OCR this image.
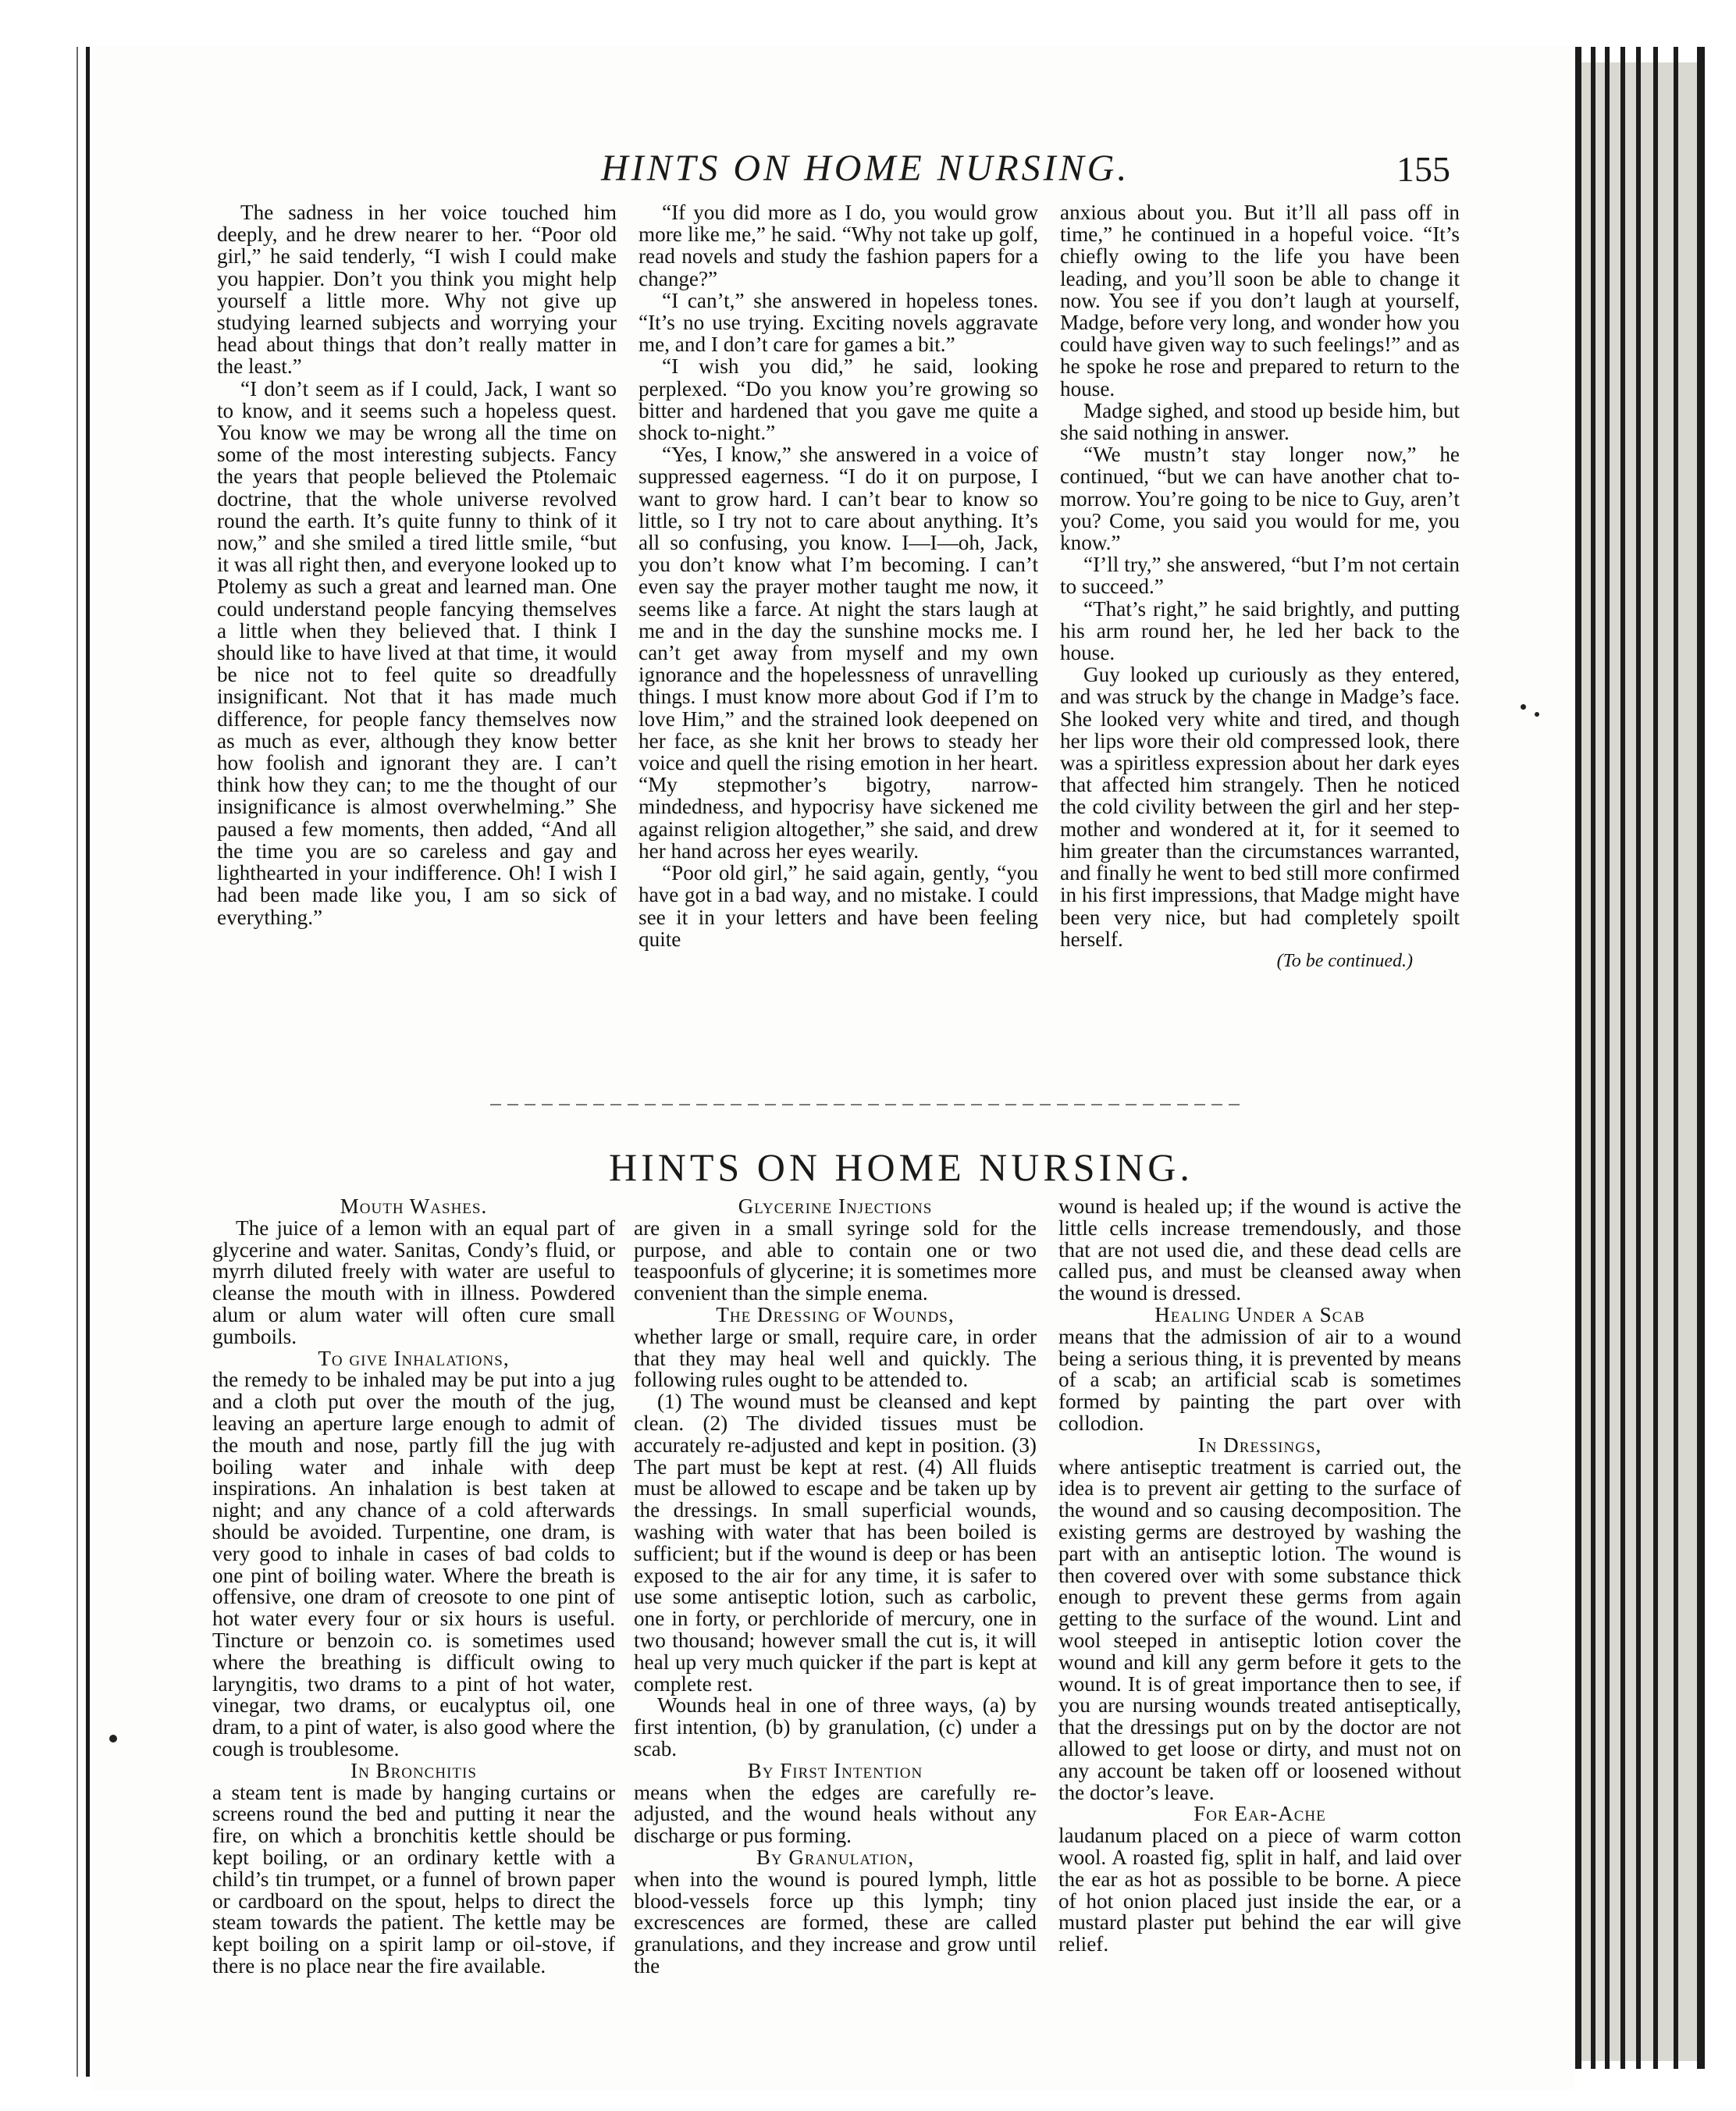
HINTS ON HOME NURSING.	155

The sadness in her voice touched him deeply, and he drew nearer to her. “Poor old girl,” he said tenderly, “I wish I could make you happier. Don’t you think you might help yourself a little more. Why not give up studying learned subjects and worrying your head about things that don’t really matter in the least.”

“I don’t seem as if I could, Jack, I want so to know, and it seems such a hopeless quest. You know we may be wrong all the time on some of the most interesting subjects. Fancy the years that people believed the Ptolemaic doctrine, that the whole universe revolved round the earth. It’s quite funny to think of it now,” and she smiled a tired little smile, “but it was all right then, and everyone looked up to Ptolemy as such a great and learned man. One could understand people fancying themselves a little when they believed that. I think I should like to have lived at that time, it would be nice not to feel quite so dreadfully insignificant. Not that it has made much difference, for people fancy themselves now as much as ever, although they know better how foolish and ignorant they are. I can’t think how they can; to me the thought of our insignificance is almost overwhelming.” She paused a few moments, then added, “And all the time you are so careless and gay and lighthearted in your indifference. Oh! I wish I had been made like you, I am so sick of everything.”

“If you did more as I do, you would grow more like me,” he said. “Why not take up golf, read novels and study the fashion papers for a change?”

“I can’t,” she answered in hopeless tones. “It’s no use trying. Exciting novels aggravate me, and I don’t care for games a bit.”

“I wish you did,” he said, looking perplexed. “Do you know you’re growing so bitter and hardened that you gave me quite a shock to-night.”

“Yes, I know,” she answered in a voice of suppressed eagerness. “I do it on purpose, I want to grow hard. I can’t bear to know so little, so I try not to care about anything. It’s all so confusing, you know. I—I—oh, Jack, you don’t know what I’m becoming. I can’t even say the prayer mother taught me now, it seems like a farce. At night the stars laugh at me and in the day the sunshine mocks me. I can’t get away from myself and my own ignorance and the hopelessness of unravelling things. I must know more about God if I’m to love Him,” and the strained look deepened on her face, as she knit her brows to steady her voice and quell the rising emotion in her heart. “My stepmother’s bigotry, narrow-mindedness, and hypocrisy have sickened me against religion altogether,” she said, and drew her hand across her eyes wearily.

“Poor old girl,” he said again, gently, “you have got in a bad way, and no mistake. I could see it in your letters and have been feeling quite

anxious about you. But it’ll all pass off in time,” he continued in a hopeful voice. “It’s chiefly owing to the life you have been leading, and you’ll soon be able to change it now. You see if you don’t laugh at yourself, Madge, before very long, and wonder how you could have given way to such feelings!” and as he spoke he rose and prepared to return to the house.

Madge sighed, and stood up beside him, but she said nothing in answer.

“We mustn’t stay longer now,” he continued, “but we can have another chat to-morrow. You’re going to be nice to Guy, aren’t you? Come, you said you would for me, you know.”

“I’ll try,” she answered, “but I’m not certain to succeed.”

“That’s right,” he said brightly, and putting his arm round her, he led her back to the house.

Guy looked up curiously as they entered, and was struck by the change in Madge’s face. She looked very white and tired, and though her lips wore their old compressed look, there was a spiritless expression about her dark eyes that affected him strangely. Then he noticed the cold civility between the girl and her step-mother and wondered at it, for it seemed to him greater than the circumstances warranted, and finally he went to bed still more confirmed in his first impressions, that Madge might have been very nice, but had completely spoilt herself.

(To be continued.)

HINTS ON HOME NURSING.

Mouth Washes.

The juice of a lemon with an equal part of glycerine and water. Sanitas, Condy’s fluid, or myrrh diluted freely with water are useful to cleanse the mouth with in illness. Powdered alum or alum water will often cure small gumboils.

To give Inhalations,

the remedy to be inhaled may be put into a jug and a cloth put over the mouth of the jug, leaving an aperture large enough to admit of the mouth and nose, partly fill the jug with boiling water and inhale with deep inspirations. An inhalation is best taken at night; and any chance of a cold afterwards should be avoided. Turpentine, one dram, is very good to inhale in cases of bad colds to one pint of boiling water. Where the breath is offensive, one dram of creosote to one pint of hot water every four or six hours is useful. Tincture or benzoin co. is sometimes used where the breathing is difficult owing to laryngitis, two drams to a pint of hot water, vinegar, two drams, or eucalyptus oil, one dram, to a pint of water, is also good where the cough is troublesome.

In Bronchitis

a steam tent is made by hanging curtains or screens round the bed and putting it near the fire, on which a bronchitis kettle should be kept boiling, or an ordinary kettle with a child’s tin trumpet, or a funnel of brown paper or cardboard on the spout, helps to direct the steam towards the patient. The kettle may be kept boiling on a spirit lamp or oil-stove, if there is no place near the fire available.

Glycerine Injections

are given in a small syringe sold for the purpose, and able to contain one or two teaspoonfuls of glycerine; it is sometimes more convenient than the simple enema.

The Dressing of Wounds,

whether large or small, require care, in order that they may heal well and quickly. The following rules ought to be attended to.

(1) The wound must be cleansed and kept clean. (2) The divided tissues must be accurately re-adjusted and kept in position. (3) The part must be kept at rest. (4) All fluids must be allowed to escape and be taken up by the dressings. In small superficial wounds, washing with water that has been boiled is sufficient; but if the wound is deep or has been exposed to the air for any time, it is safer to use some antiseptic lotion, such as carbolic, one in forty, or perchloride of mercury, one in two thousand; however small the cut is, it will heal up very much quicker if the part is kept at complete rest.

Wounds heal in one of three ways, (a) by first intention, (b) by granulation, (c) under a scab.

By First Intention

means when the edges are carefully re-adjusted, and the wound heals without any discharge or pus forming.

By Granulation,

when into the wound is poured lymph, little blood-vessels force up this lymph; tiny excrescences are formed, these are called granulations, and they increase and grow until the

wound is healed up; if the wound is active the little cells increase tremendously, and those that are not used die, and these dead cells are called pus, and must be cleansed away when the wound is dressed.

Healing Under a Scab

means that the admission of air to a wound being a serious thing, it is prevented by means of a scab; an artificial scab is sometimes formed by painting the part over with collodion.

In Dressings,

where antiseptic treatment is carried out, the idea is to prevent air getting to the surface of the wound and so causing decomposition. The existing germs are destroyed by washing the part with an antiseptic lotion. The wound is then covered over with some substance thick enough to prevent these germs from again getting to the surface of the wound. Lint and wool steeped in antiseptic lotion cover the wound and kill any germ before it gets to the wound. It is of great importance then to see, if you are nursing wounds treated antiseptically, that the dressings put on by the doctor are not allowed to get loose or dirty, and must not on any account be taken off or loosened without the doctor’s leave.

For Ear-Ache

laudanum placed on a piece of warm cotton wool. A roasted fig, split in half, and laid over the ear as hot as possible to be borne. A piece of hot onion placed just inside the ear, or a mustard plaster put behind the ear will give relief.
